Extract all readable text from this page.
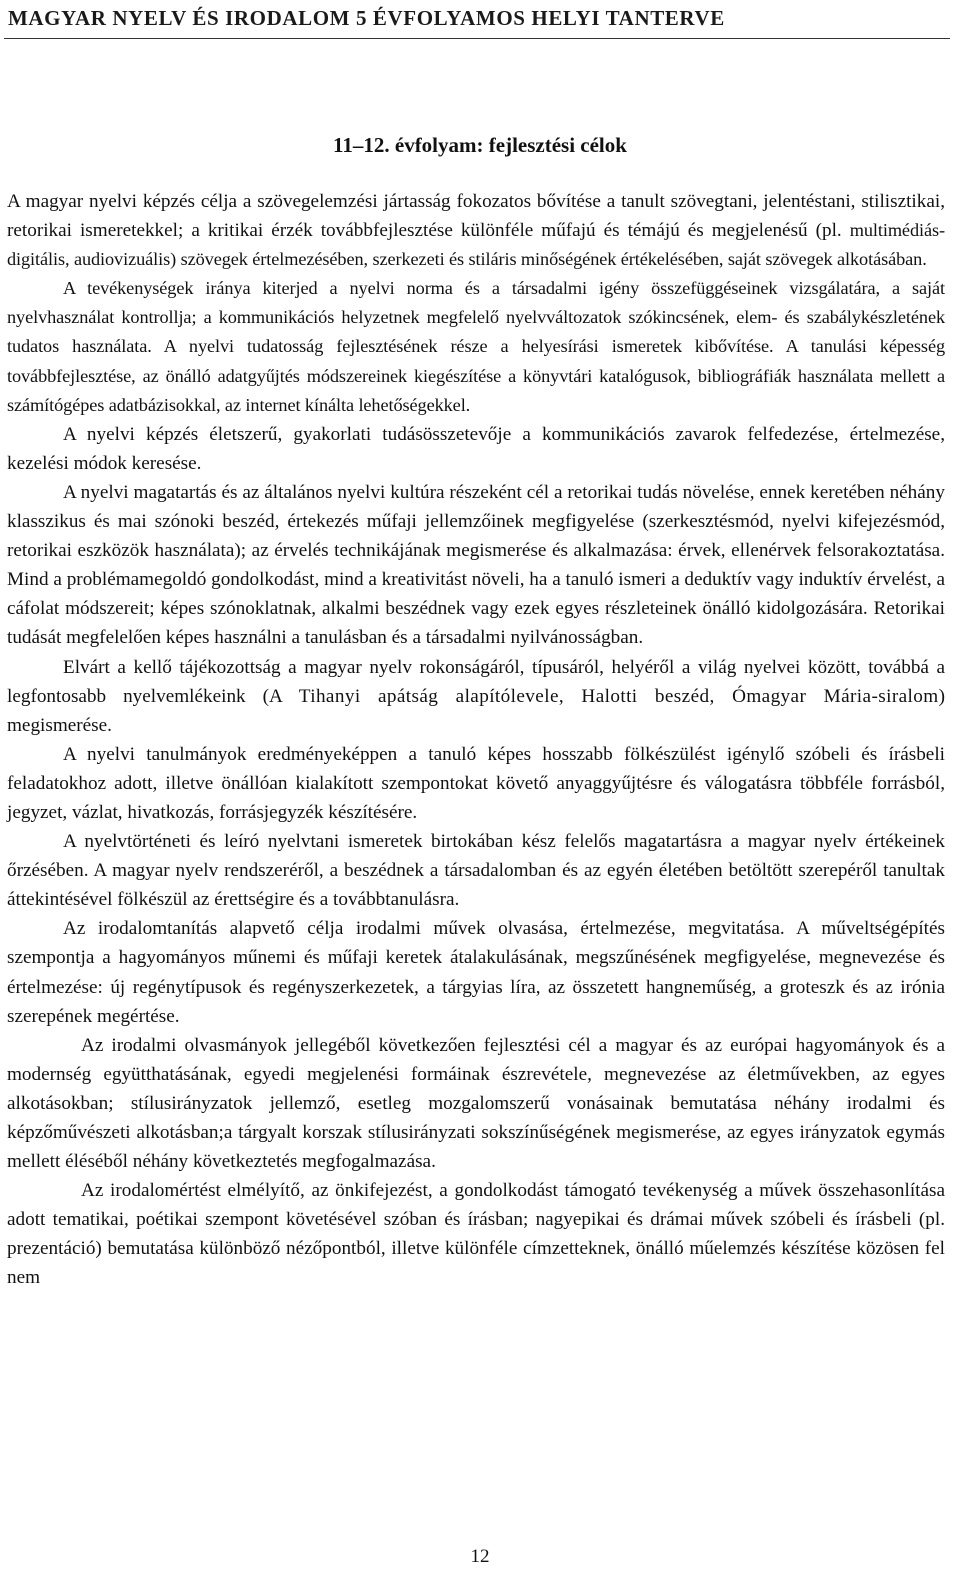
MAGYAR NYELV ÉS IRODALOM 5 ÉVFOLYAMOS HELYI TANTERVE
11–12. évfolyam: fejlesztési célok

A magyar nyelvi képzés célja a szövegelemzési jártasság fokozatos bővítése a tanult szövegtani, jelentéstani, stilisztikai, retorikai ismeretekkel; a kritikai érzék továbbfejlesztése különféle műfajú és témájú és megjelenésű (pl. multimédiás-digitális, audiovizuális) szövegek értelmezésében, szerkezeti és stiláris minőségének értékelésében, saját szövegek alkotásában.

A tevékenységek iránya kiterjed a nyelvi norma és a társadalmi igény összefüggéseinek vizsgálatára, a saját nyelvhasználat kontrollja; a kommunikációs helyzetnek megfelelő nyelvváltozatok szókincsének, elem- és szabálykészletének tudatos használata. A nyelvi tudatosság fejlesztésének része a helyesírási ismeretek kibővítése. A tanulási képesség továbbfejlesztése, az önálló adatgyűjtés módszereinek kiegészítése a könyvtári katalógusok, bibliográfiák használata mellett a számítógépes adatbázisokkal, az internet kínálta lehetőségekkel.

A nyelvi képzés életszerű, gyakorlati tudásösszetevője a kommunikációs zavarok felfedezése, értelmezése, kezelési módok keresése.

A nyelvi magatartás és az általános nyelvi kultúra részeként cél a retorikai tudás növelése, ennek keretében néhány klasszikus és mai szónoki beszéd, értekezés műfaji jellemzőinek megfigyelése (szerkesztésmód, nyelvi kifejezésmód, retorikai eszközök használata); az érvelés technikájának megismerése és alkalmazása: érvek, ellenérvek felsorakoztatása. Mind a problémamegoldó gondolkodást, mind a kreativitást növeli, ha a tanuló ismeri a deduktív vagy induktív érvelést, a cáfolat módszereit; képes szónoklatnak, alkalmi beszédnek vagy ezek egyes részleteinek önálló kidolgozására. Retorikai tudását megfelelően képes használni a tanulásban és a társadalmi nyilvánosságban.

Elvárt a kellő tájékozottság a magyar nyelv rokonságáról, típusáról, helyéről a világ nyelvei között, továbbá a legfontosabb nyelvemlékeink (A Tihanyi apátság alapítólevele, Halotti beszéd, Ómagyar Mária-siralom) megismerése.

A nyelvi tanulmányok eredményeképpen a tanuló képes hosszabb fölkészülést igénylő szóbeli és írásbeli feladatokhoz adott, illetve önállóan kialakított szempontokat követő anyaggyűjtésre és válogatásra többféle forrásból, jegyzet, vázlat, hivatkozás, forrásjegyzék készítésére.

A nyelvtörténeti és leíró nyelvtani ismeretek birtokában kész felelős magatartásra a magyar nyelv értékeinek őrzésében. A magyar nyelv rendszeréről, a beszédnek a társadalomban és az egyén életében betöltött szerepéről tanultak áttekintésével fölkészül az érettségire és a továbbtanulásra.

Az irodalomtanítás alapvető célja irodalmi művek olvasása, értelmezése, megvitatása. A műveltségépítés szempontja a hagyományos műnemi és műfaji keretek átalakulásának, megszűnésének megfigyelése, megnevezése és értelmezése: új regénytípusok és regényszerkezetek, a tárgyias líra, az összetett hangneműség, a groteszk és az irónia szerepének megértése.

Az irodalmi olvasmányok jellegéből következően fejlesztési cél a magyar és az európai hagyományok és a modernség együtthatásának, egyedi megjelenési formáinak észrevétele, megnevezése az életművekben, az egyes alkotásokban; stílusirányzatok jellemző, esetleg mozgalomszerű vonásainak bemutatása néhány irodalmi és képzőművészeti alkotásban;a tárgyalt korszak stílusirányzati sokszínűségének megismerése, az egyes irányzatok egymás mellett éléséből néhány következtetés megfogalmazása.

Az irodalomértést elmélyítő, az önkifejezést, a gondolkodást támogató tevékenység a művek összehasonlítása adott tematikai, poétikai szempont követésével szóban és írásban; nagyepikai és drámai művek szóbeli és írásbeli (pl. prezentáció) bemutatása különböző nézőpontból, illetve különféle címzetteknek, önálló műelemzés készítése közösen fel nem

12
